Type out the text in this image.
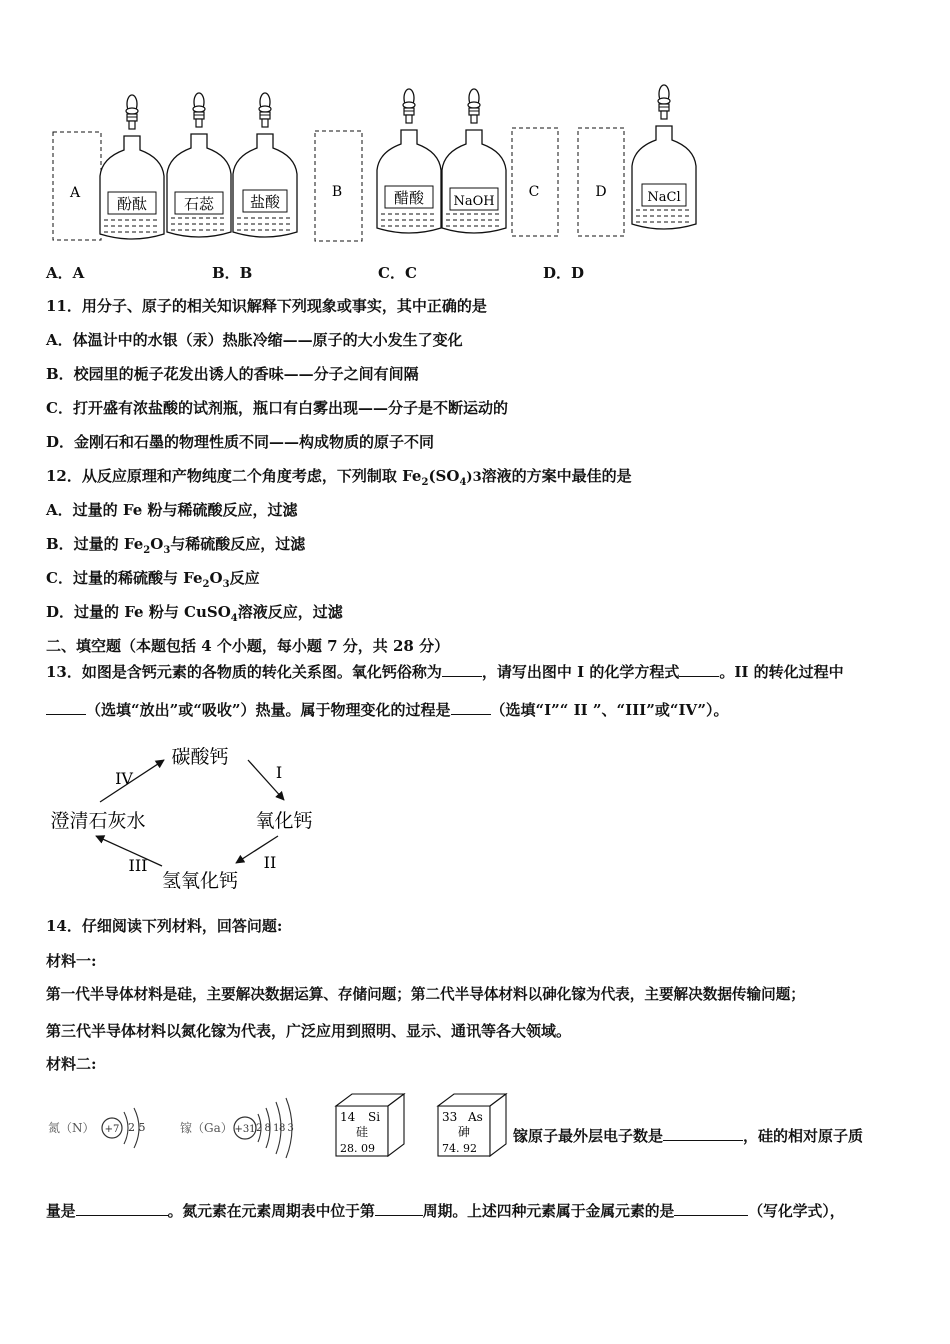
A
酚酞 石蕊 盐酸
B	醋酸 NaOH
C	D	NaCl
A．A	B．B	C．C	D．D
11．用分子、原子的相关知识解释下列现象或事实，其中正确的是
A．体温计中的水银（汞）热胀冷缩——原子的大小发生了变化
B．校园里的栀子花发出诱人的香味——分子之间有间隔
C．打开盛有浓盐酸的试剂瓶，瓶口有白雾出现——分子是不断运动的
D．金刚石和石墨的物理性质不同——构成物质的原子不同
12．从反应原理和产物纯度二个角度考虑，下列制取 $Fe_2(SO_4)3$溶液的方案中最佳的是
A．过量的 Fe 粉与稀硫酸反应，过滤
B．过量的 $Fe_2O_3$与稀硫酸反应，过滤
C．过量的稀硫酸与 $Fe_2O_3$反应
D．过量的 Fe 粉与 CuSO$_4$溶液反应，过滤
二、填空题（本题包括 4 个小题，每小题 7 分，共 28 分）
13．如图是含钙元素的各物质的转化关系图。氧化钙俗称为	，请写出图中 I 的化学方程式	。II 的转化过程中
（选填“放出”或“吸收”）热量。属于物理变化的过程是	（选填“I”“ II ”、“III”或“IV”）。
碳酸钙
氧化钙
氢氧化钙
澄清石灰水
I
II
III
IV
14．仔细阅读下列材料，回答问题:
材料一:
第一代半导体材料是硅，主要解决数据运算、存储问题；第二代半导体材料以砷化镓为代表，主要解决数据传输问题；
第三代半导体材料以氮化镓为代表，广泛应用到照明、显示、通讯等各大领域。
材料二:
氮（N） +7 2 5	镓（Ga） +31 2 8 18 3
14 Si
硅
28. 09
33 As
砷
74. 92
镓原子最外层电子数是	，硅的相对原子质
量是	。氮元素在元素周期表中位于第	周期。上述四种元素属于金属元素的是	（写化学式），
